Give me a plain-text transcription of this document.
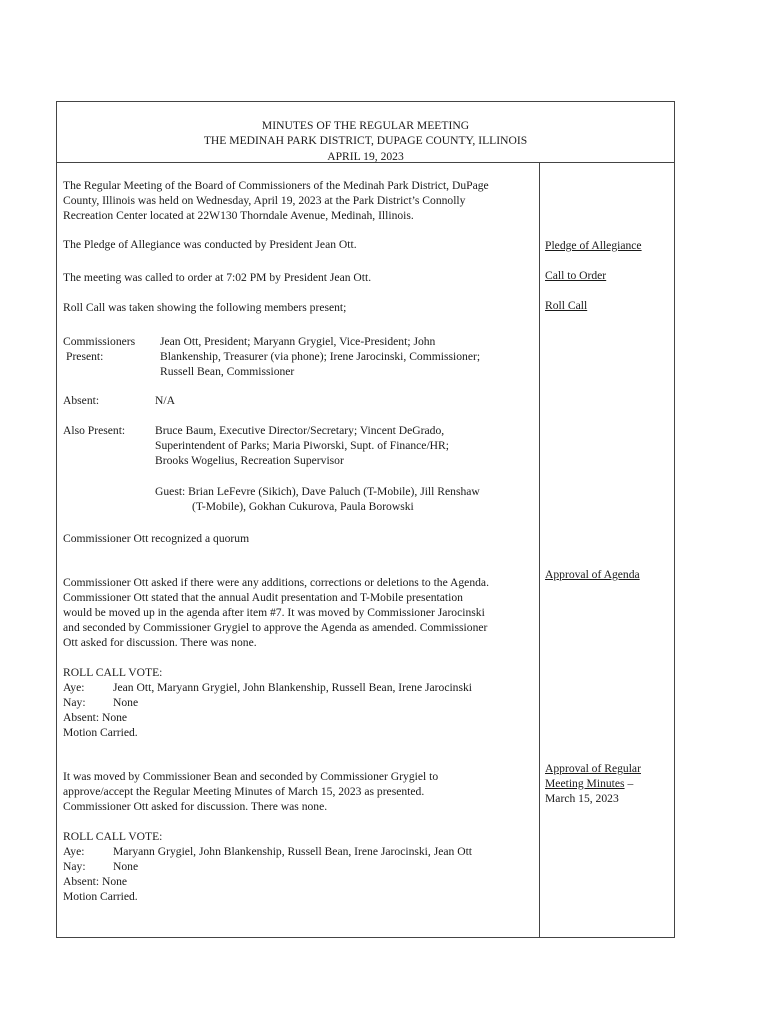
MINUTES OF THE REGULAR MEETING
THE MEDINAH PARK DISTRICT, DUPAGE COUNTY, ILLINOIS
APRIL 19, 2023
The Regular Meeting of the Board of Commissioners of the Medinah Park District, DuPage
County, Illinois was held on Wednesday, April 19, 2023 at the Park District’s Connolly
Recreation Center located at 22W130 Thorndale Avenue, Medinah, Illinois.
The Pledge of Allegiance was conducted by President Jean Ott.
The meeting was called to order at 7:02 PM by President Jean Ott.
Roll Call was taken showing the following members present;
Commissioners
Present:
Jean Ott, President; Maryann Grygiel, Vice-President; John
Blankenship, Treasurer (via phone); Irene Jarocinski, Commissioner;
Russell Bean, Commissioner
Absent:	N/A
Also Present:	Bruce Baum, Executive Director/Secretary; Vincent DeGrado,
Superintendent of Parks; Maria Piworski, Supt. of Finance/HR;
Brooks Wogelius, Recreation Supervisor
Guest: Brian LeFevre (Sikich), Dave Paluch (T-Mobile), Jill Renshaw
(T-Mobile), Gokhan Cukurova, Paula Borowski
Commissioner Ott recognized a quorum
Commissioner Ott asked if there were any additions, corrections or deletions to the Agenda.
Commissioner Ott stated that the annual Audit presentation and T-Mobile presentation
would be moved up in the agenda after item #7. It was moved by Commissioner Jarocinski
and seconded by Commissioner Grygiel to approve the Agenda as amended. Commissioner
Ott asked for discussion. There was none.
ROLL CALL VOTE:
Aye: Jean Ott, Maryann Grygiel, John Blankenship, Russell Bean, Irene Jarocinski
Nay: None
Absent: None
Motion Carried.
It was moved by Commissioner Bean and seconded by Commissioner Grygiel to
approve/accept the Regular Meeting Minutes of March 15, 2023 as presented.
Commissioner Ott asked for discussion. There was none.
ROLL CALL VOTE:
Aye: Maryann Grygiel, John Blankenship, Russell Bean, Irene Jarocinski, Jean Ott
Nay: None
Absent: None
Motion Carried.
Pledge of Allegiance
Call to Order
Roll Call
Approval of Agenda
Approval of Regular
Meeting Minutes –
March 15, 2023
